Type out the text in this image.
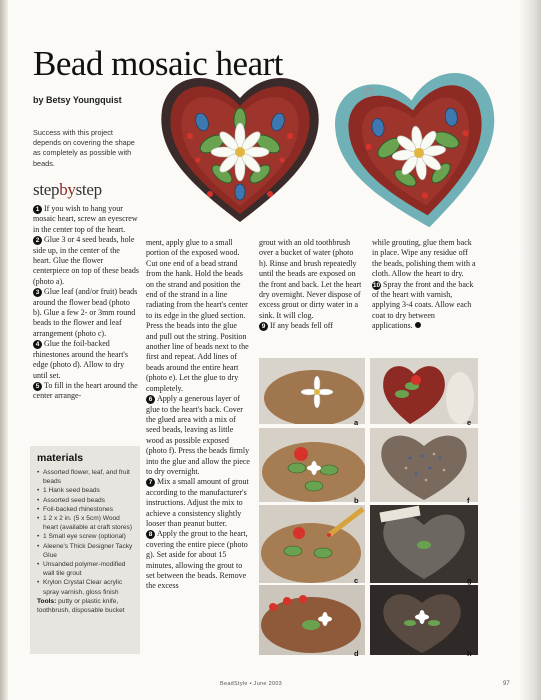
Bead mosaic heart
by Betsy Youngquist
Success with this project depends on covering the shape as completely as possible with beads.
stepbystep

1 If you wish to hang your mosaic heart, screw an eyescrew in the center top of the heart.

2 Glue 3 or 4 seed beads, hole side up, in the center of the heart. Glue the flower centerpiece on top of these beads (photo a).

3 Glue leaf (and/or fruit) beads around the flower bead (photo b). Glue a few 2- or 3mm round beads to the flower and leaf arrangement (photo c).

4 Glue the foil-backed rhinestones around the heart's edge (photo d). Allow to dry until set.

5 To fill in the heart around the center arrange-

materials
• Assorted flower, leaf, and fruit beads
• 1 Hank seed beads
• Assorted seed beads
• Foil-backed rhinestones
• 1 2 x 2 in. (5 x 5cm) Wood heart (available at craft stores)
• 1 Small eye screw (optional)
• Aleene's Thick Designer Tacky Glue
• Unsanded polymer-modified wall tile grout
• Krylon Crystal Clear acrylic spray varnish, gloss finish

Tools: putty or plastic knife, toothbrush, disposable bucket

ment, apply glue to a small portion of the exposed wood. Cut one end of a bead strand from the hank. Hold the beads on the strand and position the end of the strand in a line radiating from the heart's center to its edge in the glued section. Press the beads into the glue and pull out the string. Position another line of beads next to the first and repeat. Add lines of beads around the entire heart (photo e). Let the glue to dry completely.

6 Apply a generous layer of glue to the heart's back. Cover the glued area with a mix of seed beads, leaving as little wood as possible exposed (photo f). Press the beads firmly into the glue and allow the piece to dry overnight.

7 Mix a small amount of grout according to the manufacturer's instructions. Adjust the mix to achieve a consistency slightly looser than peanut butter.

8 Apply the grout to the heart, covering the entire piece (photo g). Set aside for about 15 minutes, allowing the grout to set between the beads. Remove the excess

grout with an old toothbrush over a bucket of water (photo h). Rinse and brush repeatedly until the beads are exposed on the front and back. Let the heart dry overnight. Never dispose of excess grout or dirty water in a sink. It will clog.

9 If any beads fell off

while grouting, glue them back in place. Wipe any residue off the beads, polishing them with a cloth. Allow the heart to dry.

10 Spray the front and the back of the heart with varnish, applying 3-4 coats. Allow each coat to dry between applications.

a
b
c
d
e
f
g
h
BeadStyle • June 2003	97
